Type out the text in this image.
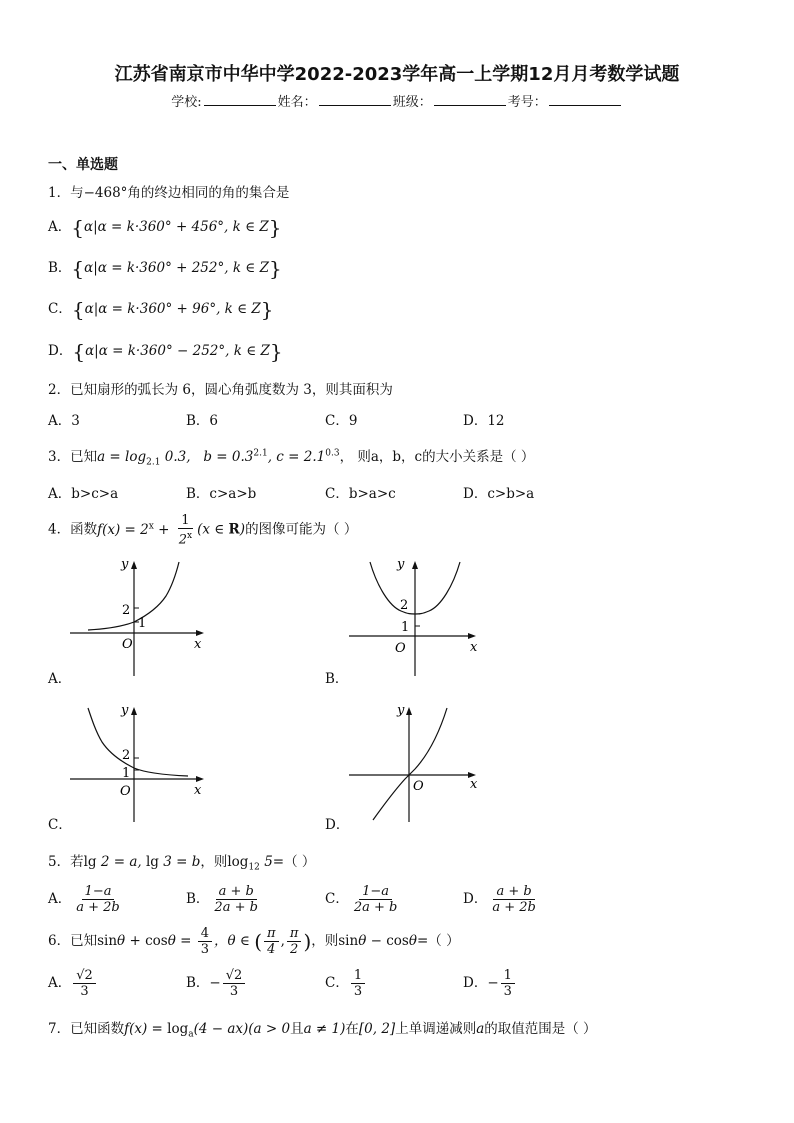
江苏省南京市中华中学2022-2023学年高一上学期12月月考数学试题
学校:	姓名：	班级：	考号：
一、单选题
1．与−468°角的终边相同的角的集合是
A．{α|α = k·360° + 456°, k ∈ Z}
B．{α|α = k·360° + 252°, k ∈ Z}
C．{α|α = k·360° + 96°, k ∈ Z}
D．{α|α = k·360° − 252°, k ∈ Z}
2．已知扇形的弧长为 6，圆心角弧度数为 3，则其面积为
A．3	B．6	C．9	D．12
3．已知$a = \log_{2.1} 0.3$,   $b = 0.3^{2.1}$, $c = 2.1^{0.3}$， 则a，b，c的大小关系是（ ）
A．b>c>a	B．c>a>b	C．b>a>c	D．c>b>a
4．函数$f(x) = 2^x + \frac{1}{2^x} (x$ ∈ R)的图像可能为（ ）
2
1
O	x
y
A．
2
1
O	x
y
B．
2
1
O	x
y
C．
O	x
y
D．
5．若lg 2 = a, lg 3 = b，则$\log_{12} 5=$（ ）
A． $\frac{1-a}{a + 2b}$	B． $\frac{a + b}{2a + b}$	C． $\frac{1-a}{2a + b}$	D． $\frac{a + b}{a + 2b}$
6．已知$\sin\theta + \cos\theta = \frac{4}{3}$ ，θ ∈ ( $\frac{\pi}{4}$ , $\frac{\pi}{2}$ )，则sinθ − cosθ=（ ）
A． $\frac{√2}{3}$	B．− $\frac{√2}{3}$	C． $\frac{1}{3}$	D．− $\frac{1}{3}$
7．已知函数$f(x) = \log_a(4 - ax)(a > 0$且a ≠ 1)在[0, 2]上单调递减则a的取值范围是（ ）
